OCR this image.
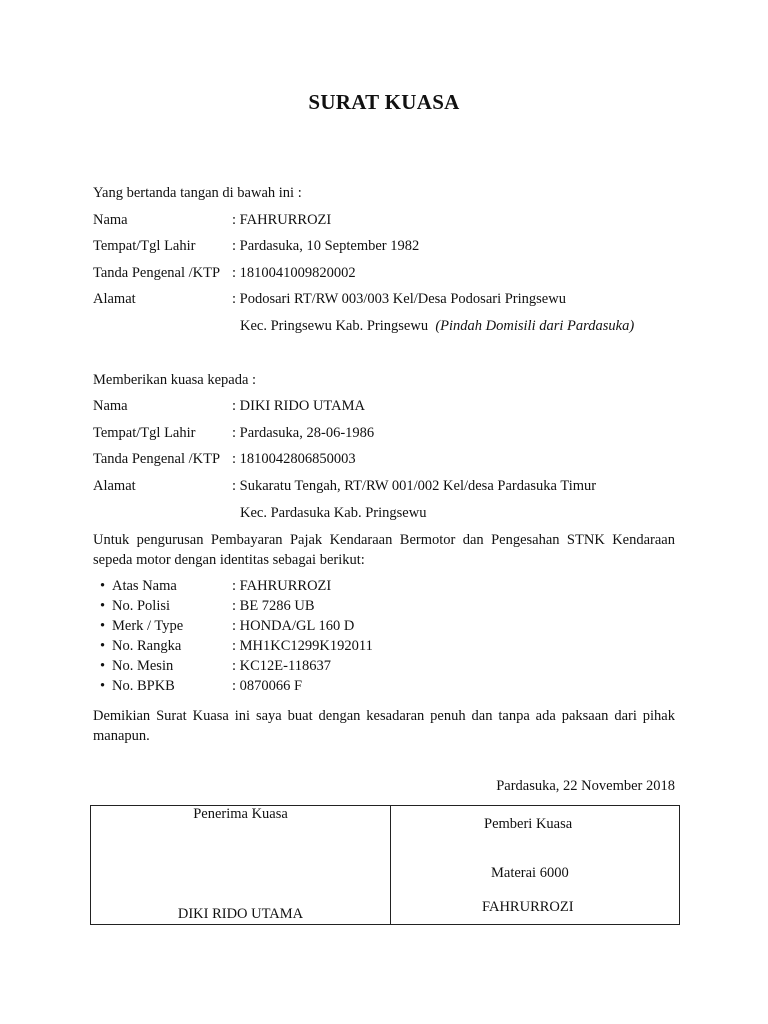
SURAT KUASA
Yang bertanda tangan di bawah ini :
Nama	: FAHRURROZI
Tempat/Tgl Lahir	: Pardasuka, 10 September 1982
Tanda Pengenal /KTP : 1810041009820002
Alamat	: Podosari RT/RW 003/003 Kel/Desa Podosari Pringsewu
Kec. Pringsewu Kab. Pringsewu (Pindah Domisili dari Pardasuka)
Memberikan kuasa kepada :
Nama	: DIKI RIDO UTAMA
Tempat/Tgl Lahir	: Pardasuka, 28-06-1986
Tanda Pengenal /KTP : 1810042806850003
Alamat	: Sukaratu Tengah, RT/RW 001/002 Kel/desa Pardasuka Timur
Kec. Pardasuka Kab. Pringsewu
Untuk pengurusan Pembayaran Pajak Kendaraan Bermotor dan Pengesahan STNK Kendaraan sepeda motor dengan identitas sebagai berikut:
• Atas Nama	: FAHRURROZI
• No. Polisi	: BE 7286 UB
• Merk / Type	: HONDA/GL 160 D
• No. Rangka	: MH1KC1299K192011
• No. Mesin	: KC12E-118637
• No. BPKB	: 0870066 F
Demikian Surat Kuasa ini saya buat dengan kesadaran penuh dan tanpa ada paksaan dari pihak manapun.
Pardasuka, 22 November 2018
Penerima Kuasa
DIKI RIDO UTAMA
Pemberi Kuasa
Materai 6000
FAHRURROZI
